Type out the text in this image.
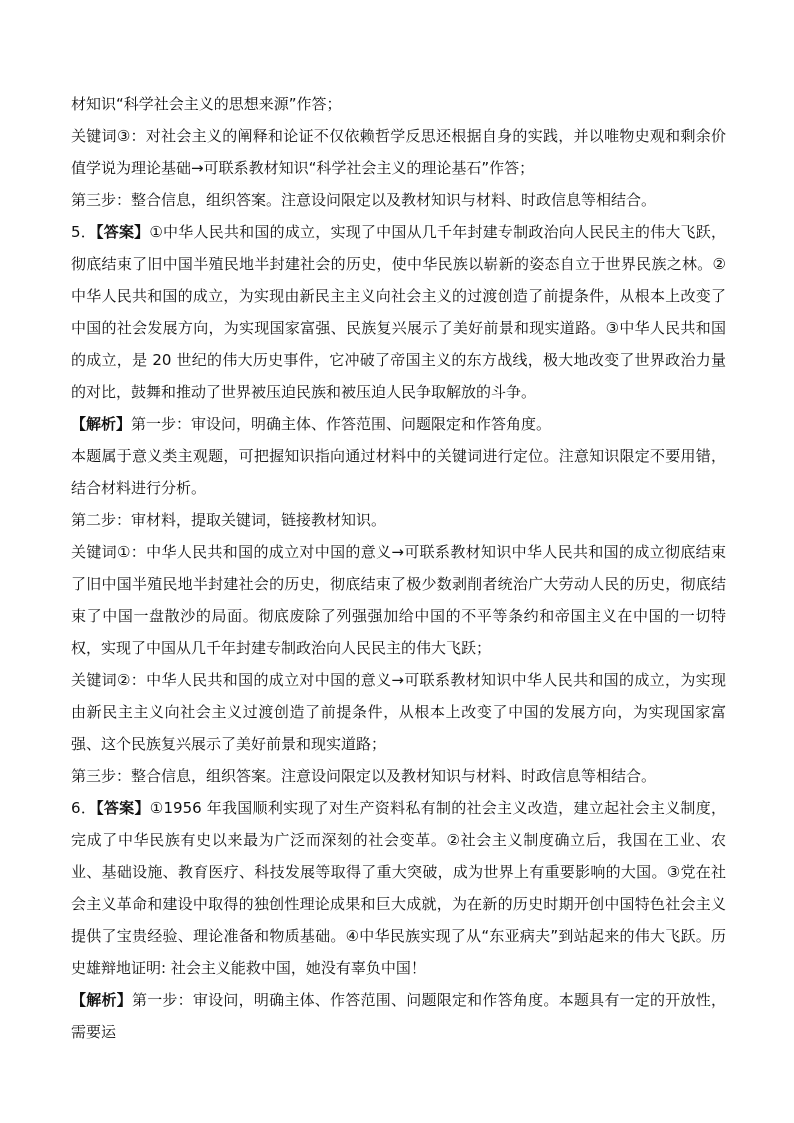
材知识“科学社会主义的思想来源”作答；

关键词③：对社会主义的阐释和论证不仅依赖哲学反思还根据自身的实践，并以唯物史观和剩余价值学说为理论基础→可联系教材知识“科学社会主义的理论基石”作答；

第三步：整合信息，组织答案。注意设问限定以及教材知识与材料、时政信息等相结合。

5．【答案】①中华人民共和国的成立，实现了中国从几千年封建专制政治向人民民主的伟大飞跃，彻底结束了旧中国半殖民地半封建社会的历史，使中华民族以崭新的姿态自立于世界民族之林。②中华人民共和国的成立，为实现由新民主主义向社会主义的过渡创造了前提条件，从根本上改变了中国的社会发展方向，为实现国家富强、民族复兴展示了美好前景和现实道路。③中华人民共和国的成立，是 20 世纪的伟大历史事件，它冲破了帝国主义的东方战线，极大地改变了世界政治力量的对比，鼓舞和推动了世界被压迫民族和被压迫人民争取解放的斗争。

【解析】第一步：审设问，明确主体、作答范围、问题限定和作答角度。

本题属于意义类主观题，可把握知识指向通过材料中的关键词进行定位。注意知识限定不要用错，结合材料进行分析。

第二步：审材料，提取关键词，链接教材知识。

关键词①：中华人民共和国的成立对中国的意义→可联系教材知识中华人民共和国的成立彻底结束了旧中国半殖民地半封建社会的历史，彻底结束了极少数剥削者统治广大劳动人民的历史，彻底结束了中国一盘散沙的局面。彻底废除了列强强加给中国的不平等条约和帝国主义在中国的一切特权，实现了中国从几千年封建专制政治向人民民主的伟大飞跃；

关键词②：中华人民共和国的成立对中国的意义→可联系教材知识中华人民共和国的成立，为实现由新民主主义向社会主义过渡创造了前提条件，从根本上改变了中国的发展方向，为实现国家富强、这个民族复兴展示了美好前景和现实道路；

第三步：整合信息，组织答案。注意设问限定以及教材知识与材料、时政信息等相结合。

6．【答案】①1956 年我国顺利实现了对生产资料私有制的社会主义改造，建立起社会主义制度，完成了中华民族有史以来最为广泛而深刻的社会变革。②社会主义制度确立后，我国在工业、农业、基础设施、教育医疗、科技发展等取得了重大突破，成为世界上有重要影响的大国。③党在社会主义革命和建设中取得的独创性理论成果和巨大成就，为在新的历史时期开创中国特色社会主义提供了宝贵经验、理论准备和物质基础。④中华民族实现了从“东亚病夫”到站起来的伟大飞跃。历史雄辩地证明: 社会主义能救中国，她没有辜负中国！

【解析】第一步：审设问，明确主体、作答范围、问题限定和作答角度。本题具有一定的开放性，需要运
